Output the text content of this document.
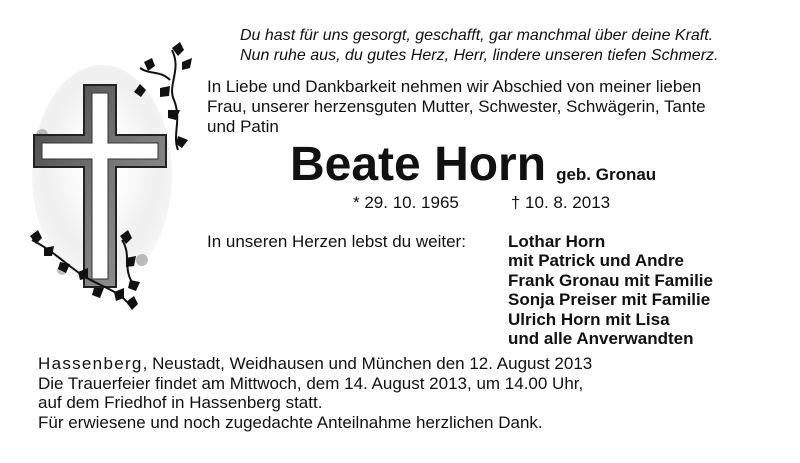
Du hast für uns gesorgt, geschafft, gar manchmal über deine Kraft.
Nun ruhe aus, du gutes Herz, Herr, lindere unseren tiefen Schmerz.
In Liebe und Dankbarkeit nehmen wir Abschied von meiner lieben
Frau, unserer herzensguten Mutter, Schwester, Schwägerin, Tante
und Patin
Beate Horn geb. Gronau
* 29. 10. 1965	† 10. 8. 2013
In unseren Herzen lebst du weiter: Lothar Horn
mit Patrick und Andre
Frank Gronau mit Familie
Sonja Preiser mit Familie
Ulrich Horn mit Lisa
und alle Anverwandten
Hassenberg, Neustadt, Weidhausen und München den 12. August 2013
Die Trauerfeier findet am Mittwoch, dem 14. August 2013, um 14.00 Uhr,
auf dem Friedhof in Hassenberg statt.
Für erwiesene und noch zugedachte Anteilnahme herzlichen Dank.
